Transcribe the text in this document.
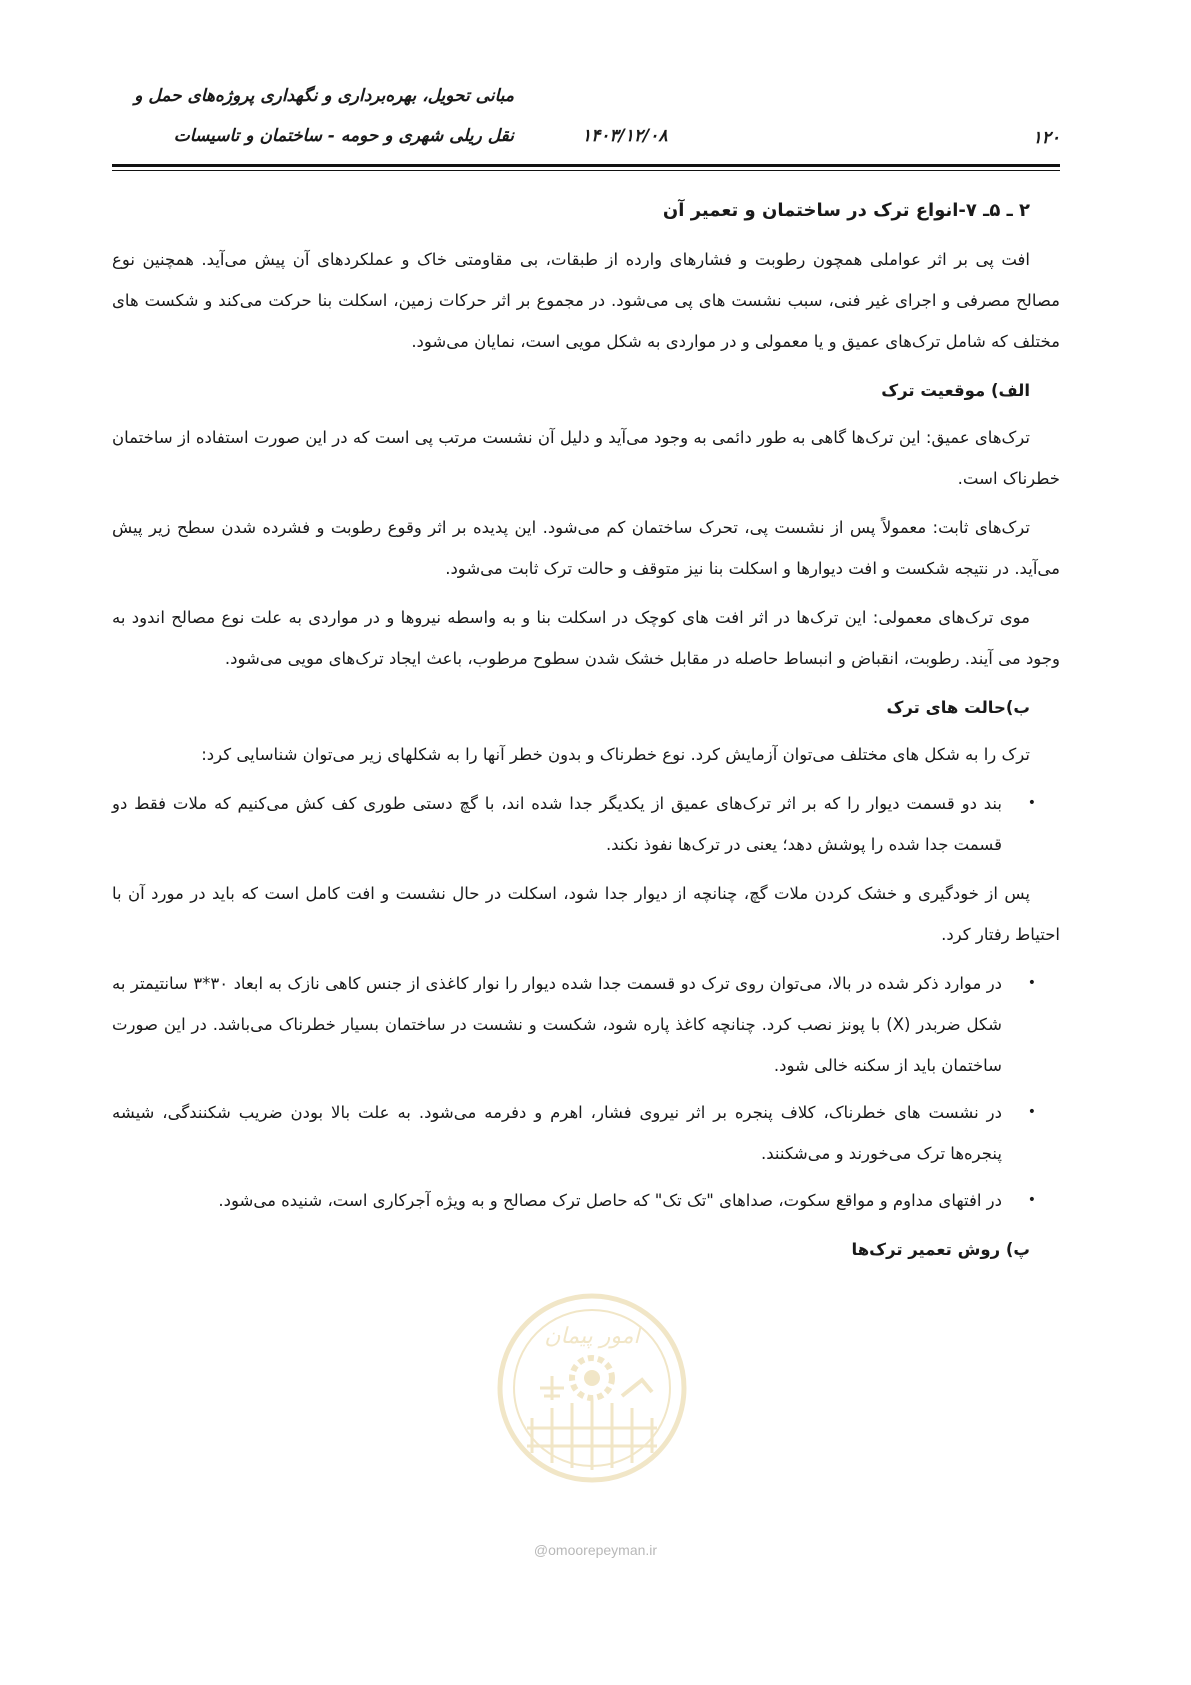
مبانی تحویل، بهره‌برداری و نگهداری پروژه‌های حمل و
نقل ریلی شهری و حومه - ساختمان و تاسیسات	۱۴۰۳/۱۲/۰۸	۱۲۰
۲ ـ ۵ـ ۷-انواع ترک در ساختمان و تعمیر آن

افت پی بر اثر عواملی همچون رطوبت و فشارهای وارده از طبقات، بی مقاومتی خاک و عملکردهای آن پیش می‌آید. همچنین نوع مصالح مصرفی و اجرای غیر فنی، سبب نشست های پی می‌شود. در مجموع بر اثر حرکات زمین، اسکلت بنا حرکت می‌کند و شکست های مختلف که شامل ترک‌های عمیق و یا معمولی و در مواردی به شکل مویی است، نمایان می‌شود.

الف) موقعیت ترک

ترک‌های عمیق: این ترک‌ها گاهی به طور دائمی به وجود می‌آید و دلیل آن نشست مرتب پی است که در این صورت استفاده از ساختمان خطرناک است.

ترک‌های ثابت: معمولاً پس از نشست پی، تحرک ساختمان کم می‌شود. این پدیده بر اثر وقوع رطوبت و فشرده شدن سطح زیر پیش می‌آید. در نتیجه شکست و افت دیوارها و اسکلت بنا نیز متوقف و حالت ترک ثابت می‌شود.

موی ترک‌های معمولی: این ترک‌ها در اثر افت های کوچک در اسکلت بنا و به واسطه نیروها و در مواردی به علت نوع مصالح اندود به وجود می آیند. رطوبت، انقباض و انبساط حاصله در مقابل خشک شدن سطوح مرطوب، باعث ایجاد ترک‌های مویی می‌شود.

ب)حالت های ترک

ترک را به شکل های مختلف می‌توان آزمایش کرد. نوع خطرناک و بدون خطر آنها را به شکلهای زیر می‌توان شناسایی کرد:

•
بند دو قسمت دیوار را که بر اثر ترک‌های عمیق از یکدیگر جدا شده اند، با گچ دستی طوری کف کش می‌کنیم که ملات فقط دو قسمت جدا شده را پوشش دهد؛ یعنی در ترک‌ها نفوذ نکند.

پس از خودگیری و خشک کردن ملات گچ، چنانچه از دیوار جدا شود، اسکلت در حال نشست و افت کامل است که باید در مورد آن با احتیاط رفتار کرد.

•
در موارد ذکر شده در بالا، می‌توان روی ترک دو قسمت جدا شده دیوار را نوار کاغذی از جنس کاهی نازک به ابعاد ۳۰*۳ سانتیمتر به شکل ضربدر (X) با پونز نصب کرد. چنانچه کاغذ پاره شود، شکست و نشست در ساختمان بسیار خطرناک می‌باشد. در این صورت ساختمان باید از سکنه خالی شود.
•
در نشست های خطرناک، کلاف پنجره بر اثر نیروی فشار، اهرم و دفرمه می‌شود. به علت بالا بودن ضریب شکنندگی، شیشه پنجره‌ها ترک می‌خورند و می‌شکنند.
•
در افتهای مداوم و مواقع سکوت، صداهای "تک تک" که حاصل ترک مصالح و به ویژه آجرکاری است، شنیده می‌شود.
پ) روش تعمیر ترک‌ها
امور پیمان
@omoorepeyman.ir
